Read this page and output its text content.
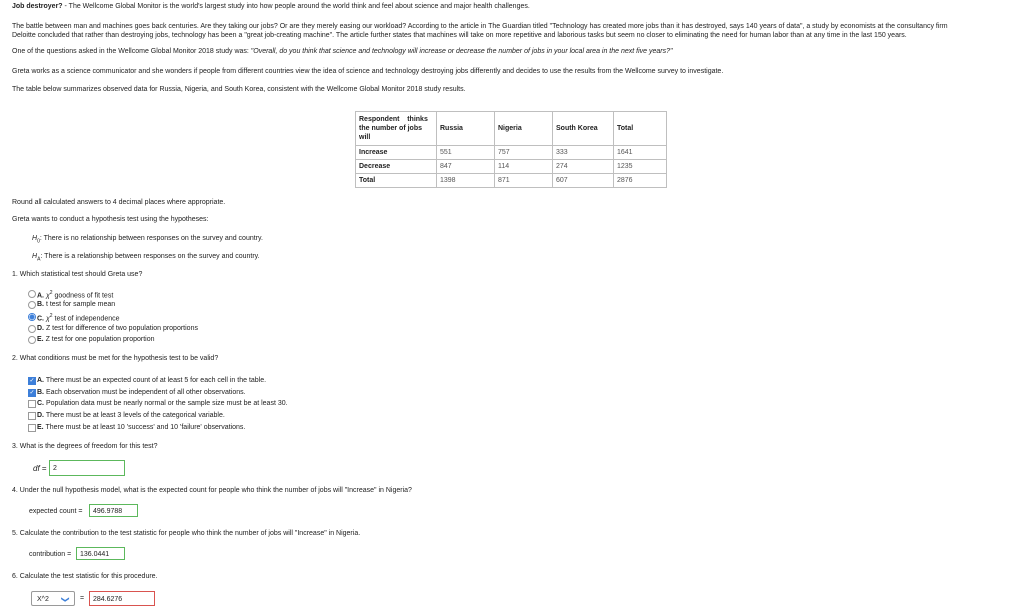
Job destroyer? - The Wellcome Global Monitor is the world's largest study into how people around the world think and feel about science and major health challenges.
The battle between man and machines goes back centuries. Are they taking our jobs? Or are they merely easing our workload? According to the article in The Guardian titled "Technology has created more jobs than it has destroyed, says 140 years of data", a study by economists at the consultancy firm
Deloitte concluded that rather than destroying jobs, technology has been a "great job-creating machine". The article further states that machines will take on more repetitive and laborious tasks but seem no closer to eliminating the need for human labor than at any time in the last 150 years.
One of the questions asked in the Wellcome Global Monitor 2018 study was: "Overall, do you think that science and technology will increase or decrease the number of jobs in your local area in the next five years?"
Greta works as a science communicator and she wonders if people from different countries view the idea of science and technology destroying jobs differently and decides to use the results from the Wellcome survey to investigate.
The table below summarizes observed data for Russia, Nigeria, and South Korea, consistent with the Wellcome Global Monitor 2018 study results.
Respondent    thinks
the number of jobs
will	Russia	Nigeria	South Korea	Total
Increase	551	757	333	1641
Decrease	847	114	274	1235
Total	1398	871	607	2876
Round all calculated answers to 4 decimal places where appropriate.
Greta wants to conduct a hypothesis test using the hypotheses:
$H_0$: There is no relationship between responses on the survey and country.
$H_A$: There is a relationship between responses on the survey and country.
1. Which statistical test should Greta use?
A. $\chi^2$ goodness of fit test
B. t test for sample mean
C. $\chi^2$ test of independence
D. Z test for difference of two population proportions
E. Z test for one population proportion
2. What conditions must be met for the hypothesis test to be valid?
✓ A. There must be an expected count of at least 5 for each cell in the table.
✓ B. Each observation must be independent of all other observations.
C. Population data must be nearly normal or the sample size must be at least 30.
D. There must be at least 3 levels of the categorical variable.
E. There must be at least 10 'success' and 10 'failure' observations.
3. What is the degrees of freedom for this test?
df = 2
4. Under the null hypothesis model, what is the expected count for people who think the number of jobs will "Increase" in Nigeria?
expected count =	496.9788
5. Calculate the contribution to the test statistic for people who think the number of jobs will "Increase" in Nigeria.
contribution =	136.0441
6. Calculate the test statistic for this procedure.
X^2	❯	=	284.6276
